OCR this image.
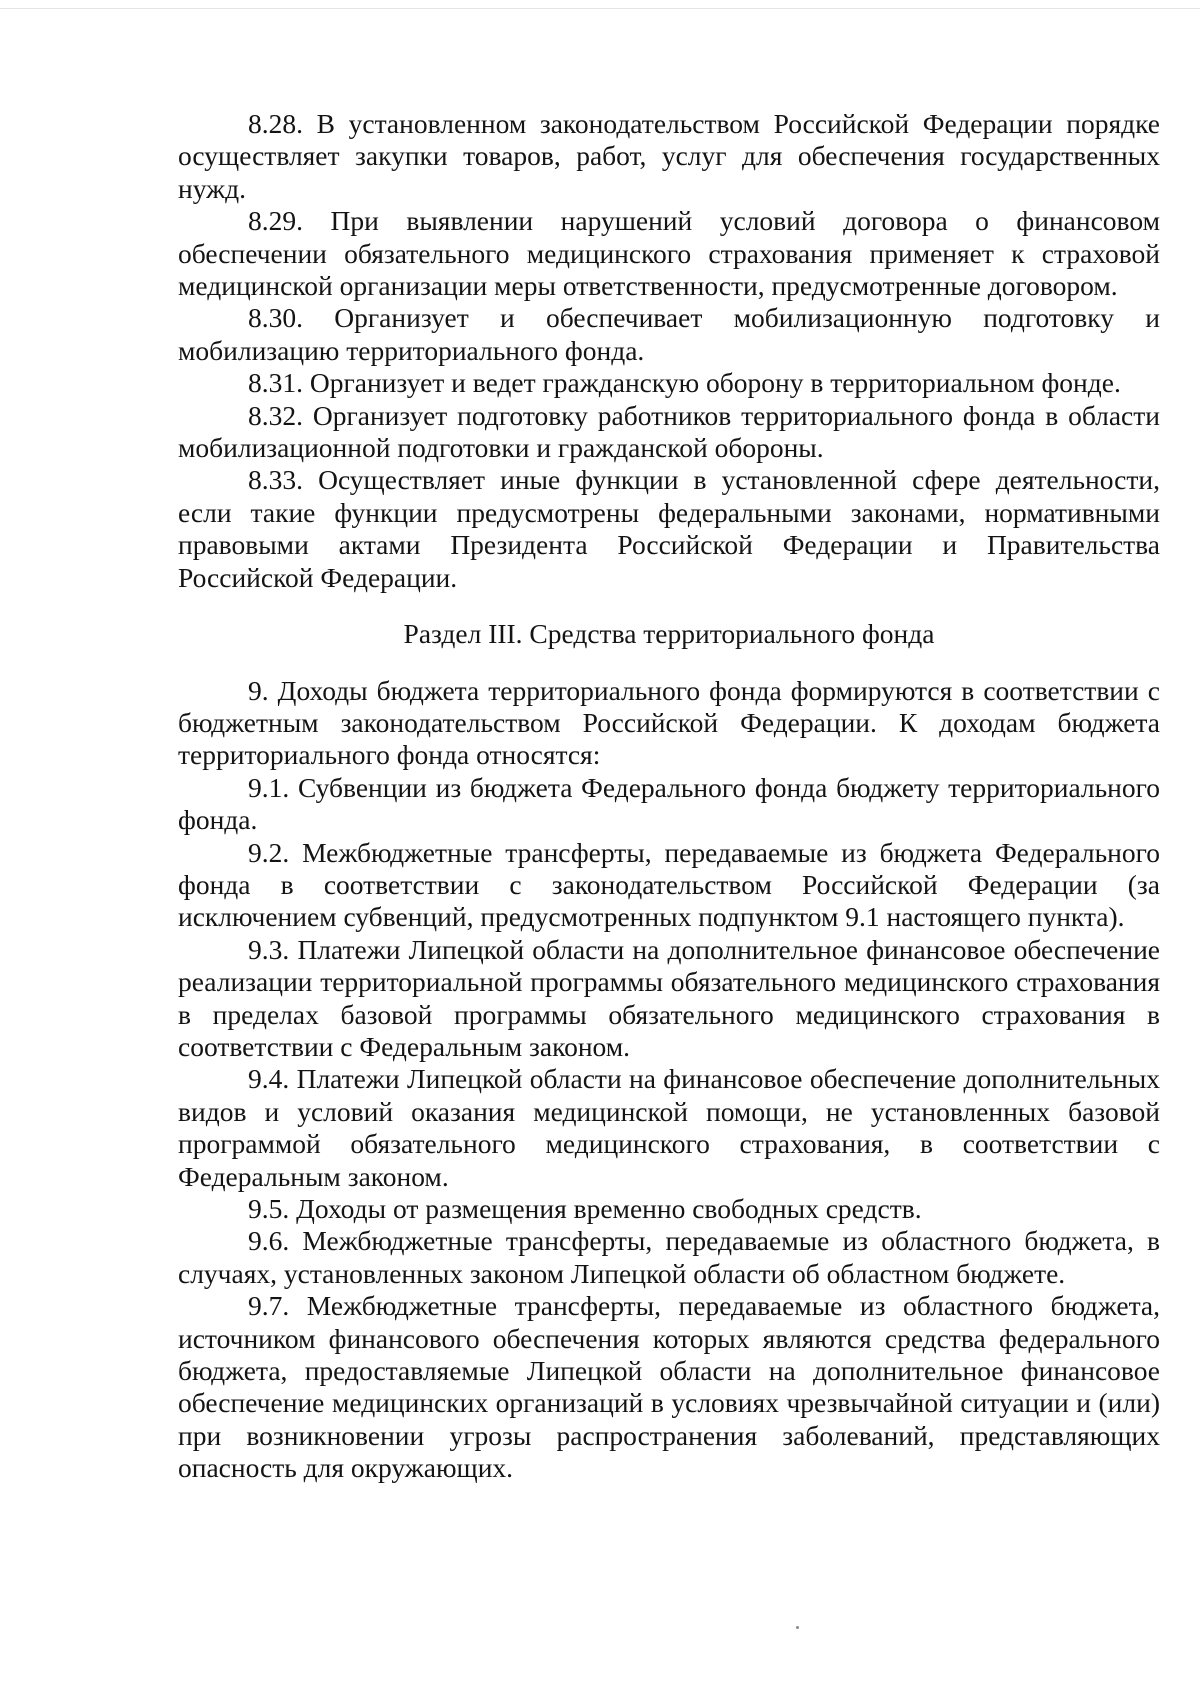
8.28. В установленном законодательством Российской Федерации порядке осуществляет закупки товаров, работ, услуг для обеспечения государственных нужд.

8.29. При выявлении нарушений условий договора о финансовом обеспечении обязательного медицинского страхования применяет к страховой медицинской организации меры ответственности, предусмотренные договором.

8.30. Организует и обеспечивает мобилизационную подготовку и мобилизацию территориального фонда.

8.31. Организует и ведет гражданскую оборону в территориальном фонде.

8.32. Организует подготовку работников территориального фонда в области мобилизационной подготовки и гражданской обороны.

8.33. Осуществляет иные функции в установленной сфере деятельности, если такие функции предусмотрены федеральными законами, нормативными правовыми актами Президента Российской Федерации и Правительства Российской Федерации.

Раздел III. Средства территориального фонда

9. Доходы бюджета территориального фонда формируются в соответствии с бюджетным законодательством Российской Федерации. К доходам бюджета территориального фонда относятся:

9.1. Субвенции из бюджета Федерального фонда бюджету территориального фонда.

9.2. Межбюджетные трансферты, передаваемые из бюджета Федерального фонда в соответствии с законодательством Российской Федерации (за исключением субвенций, предусмотренных подпунктом 9.1 настоящего пункта).

9.3. Платежи Липецкой области на дополнительное финансовое обеспечение реализации территориальной программы обязательного медицинского страхования в пределах базовой программы обязательного медицинского страхования в соответствии с Федеральным законом.

9.4. Платежи Липецкой области на финансовое обеспечение дополнительных видов и условий оказания медицинской помощи, не установленных базовой программой обязательного медицинского страхования, в соответствии с Федеральным законом.

9.5. Доходы от размещения временно свободных средств.

9.6. Межбюджетные трансферты, передаваемые из областного бюджета, в случаях, установленных законом Липецкой области об областном бюджете.

9.7. Межбюджетные трансферты, передаваемые из областного бюджета, источником финансового обеспечения которых являются средства федерального бюджета, предоставляемые Липецкой области на дополнительное финансовое обеспечение медицинских организаций в условиях чрезвычайной ситуации и (или) при возникновении угрозы распространения заболеваний, представляющих опасность для окружающих.
